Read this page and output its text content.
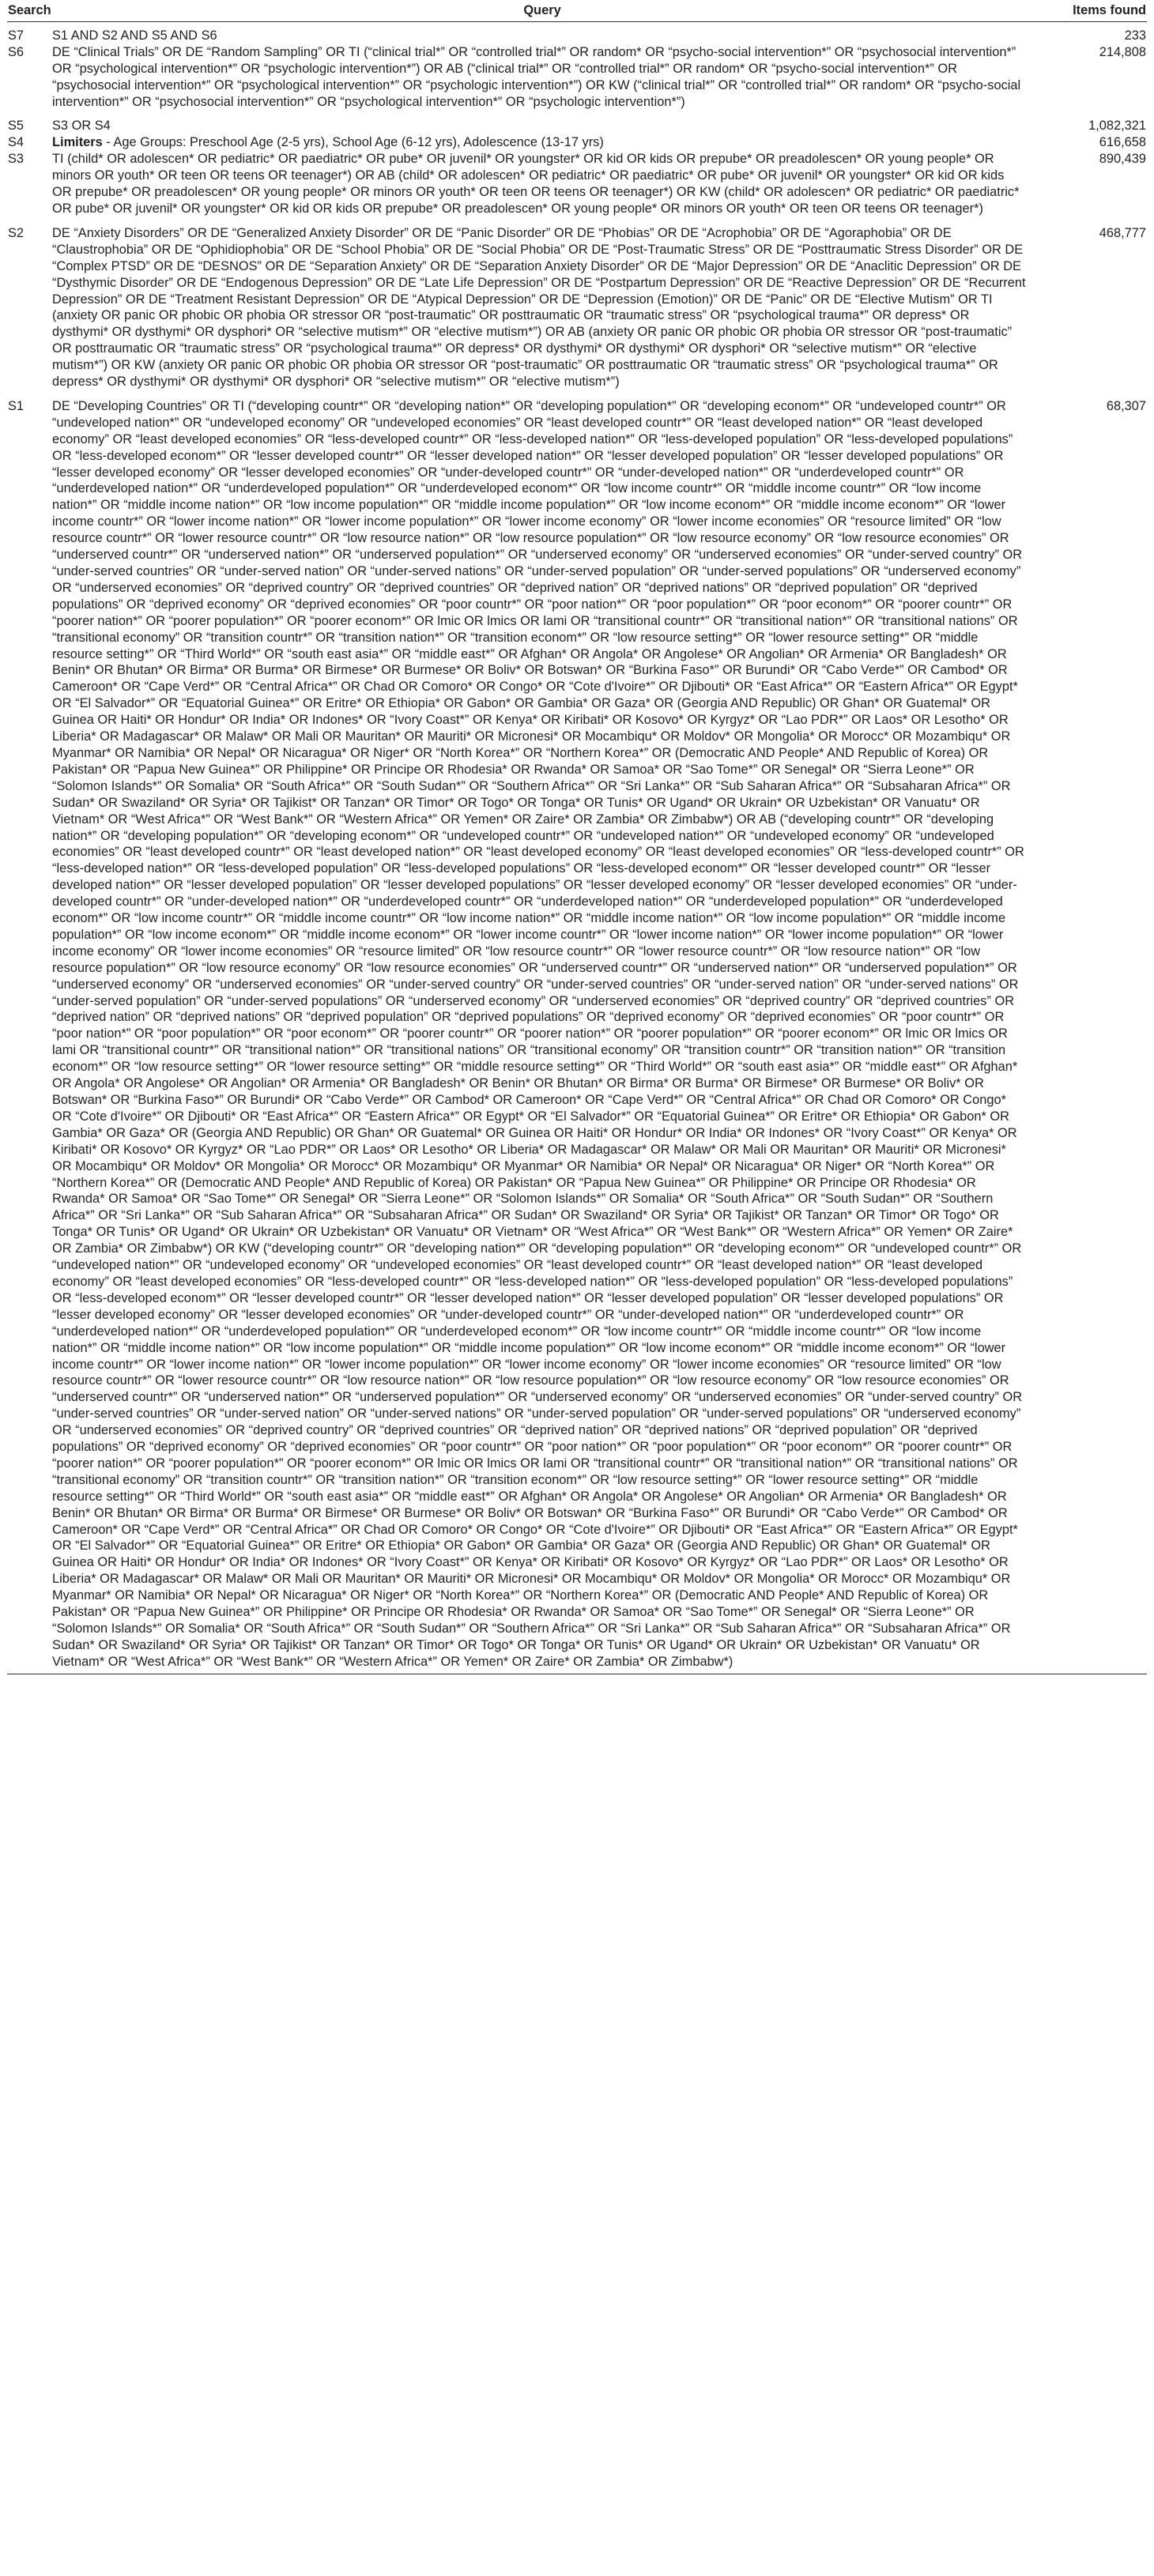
Search	Query	Items found
S7	S1 AND S2 AND S5 AND S6	233
S6	DE “Clinical Trials” OR DE “Random Sampling” OR TI (“clinical trial*” OR “controlled trial*” OR random* OR “psycho-social intervention*” OR “psychosocial intervention*” OR “psychological intervention*” OR “psychologic intervention*”) OR AB (“clinical trial*” OR “controlled trial*” OR random* OR “psycho-social intervention*” OR “psychosocial intervention*” OR “psychological intervention*” OR “psychologic intervention*”) OR KW (“clinical trial*” OR “controlled trial*” OR random* OR “psycho-social intervention*” OR “psychosocial intervention*” OR “psychological intervention*” OR “psychologic intervention*”)	214,808
S5	S3 OR S4	1,082,321
S4	Limiters - Age Groups: Preschool Age (2-5 yrs), School Age (6-12 yrs), Adolescence (13-17 yrs)	616,658
S3	TI (child* OR adolescen* OR pediatric* OR paediatric* OR pube* OR juvenil* OR youngster* OR kid OR kids OR prepube* OR preadolescen* OR young people* OR minors OR youth* OR teen OR teens OR teenager*) OR AB (child* OR adolescen* OR pediatric* OR paediatric* OR pube* OR juvenil* OR youngster* OR kid OR kids OR prepube* OR preadolescen* OR young people* OR minors OR youth* OR teen OR teens OR teenager*) OR KW (child* OR adolescen* OR pediatric* OR paediatric* OR pube* OR juvenil* OR youngster* OR kid OR kids OR prepube* OR preadolescen* OR young people* OR minors OR youth* OR teen OR teens OR teenager*)	890,439
S2	DE “Anxiety Disorders” OR DE “Generalized Anxiety Disorder” OR DE “Panic Disorder” OR DE “Phobias” OR DE “Acrophobia” OR DE “Agoraphobia” OR DE “Claustrophobia” OR DE “Ophidiophobia” OR DE “School Phobia” OR DE “Social Phobia” OR DE “Post-Traumatic Stress” OR DE “Posttraumatic Stress Disorder” OR DE “Complex PTSD” OR DE “DESNOS” OR DE “Separation Anxiety” OR DE “Separation Anxiety Disorder” OR DE “Major Depression” OR DE “Anaclitic Depression” OR DE “Dysthymic Disorder” OR DE “Endogenous Depression” OR DE “Late Life Depression” OR DE “Postpartum Depression” OR DE “Reactive Depression” OR DE “Recurrent Depression” OR DE “Treatment Resistant Depression” OR DE “Atypical Depression” OR DE “Depression (Emotion)” OR DE “Panic” OR DE “Elective Mutism” OR TI (anxiety OR panic OR phobic OR phobia OR stressor OR “post-traumatic” OR posttraumatic OR “traumatic stress” OR “psychological trauma*” OR depress* OR dysthymi* OR dysthymi* OR dysphori* OR “selective mutism*” OR “elective mutism*”) OR AB (anxiety OR panic OR phobic OR phobia OR stressor OR “post-traumatic” OR posttraumatic OR “traumatic stress” OR “psychological trauma*” OR depress* OR dysthymi* OR dysthymi* OR dysphori* OR “selective mutism*” OR “elective mutism*”) OR KW (anxiety OR panic OR phobic OR phobia OR stressor OR “post-traumatic” OR posttraumatic OR “traumatic stress” OR “psychological trauma*” OR depress* OR dysthymi* OR dysthymi* OR dysphori* OR “selective mutism*” OR “elective mutism*”)	468,777
S1	DE “Developing Countries” OR TI (“developing countr*” OR “developing nation*” OR “developing population*” OR “developing econom*” OR “undeveloped countr*” OR “undeveloped nation*” OR “undeveloped economy” OR “undeveloped economies” OR “least developed countr*” OR “least developed nation*” OR “least developed economy” OR “least developed economies” OR “less-developed countr*” OR “less-developed nation*” OR “less-developed population” OR “less-developed populations” OR “less-developed econom*” OR “lesser developed countr*” OR “lesser developed nation*” OR “lesser developed population” OR “lesser developed populations” OR “lesser developed economy” OR “lesser developed economies” OR “under-developed countr*” OR “under-developed nation*” OR “underdeveloped countr*” OR “underdeveloped nation*” OR “underdeveloped population*” OR “underdeveloped econom*” OR “low income countr*” OR “middle income countr*” OR “low income nation*” OR “middle income nation*” OR “low income population*” OR “middle income population*” OR “low income econom*” OR “middle income econom*” OR “lower income countr*” OR “lower income nation*” OR “lower income population*” OR “lower income economy” OR “lower income economies” OR “resource limited” OR “low resource countr*” OR “lower resource countr*” OR “low resource nation*” OR “low resource population*” OR “low resource economy” OR “low resource economies” OR “underserved countr*” OR “underserved nation*” OR “underserved population*” OR “underserved economy” OR “underserved economies” OR “under-served country” OR “under-served countries” OR “under-served nation” OR “under-served nations” OR “under-served population” OR “under-served populations” OR “underserved economy” OR “underserved economies” OR “deprived country” OR “deprived countries” OR “deprived nation” OR “deprived nations” OR “deprived population” OR “deprived populations” OR “deprived economy” OR “deprived economies” OR “poor countr*” OR “poor nation*” OR “poor population*” OR “poor econom*” OR “poorer countr*” OR “poorer nation*” OR “poorer population*” OR “poorer econom*” OR lmic OR lmics OR lami OR “transitional countr*” OR “transitional nation*” OR “transitional nations” OR “transitional economy” OR “transition countr*” OR “transition nation*” OR “transition econom*” OR “low resource setting*” OR “lower resource setting*” OR “middle resource setting*” OR “Third World*” OR “south east asia*” OR “middle east*” OR Afghan* OR Angola* OR Angolese* OR Angolian* OR Armenia* OR Bangladesh* OR Benin* OR Bhutan* OR Birma* OR Burma* OR Birmese* OR Burmese* OR Boliv* OR Botswan* OR “Burkina Faso*” OR Burundi* OR “Cabo Verde*” OR Cambod* OR Cameroon* OR “Cape Verd*” OR “Central Africa*” OR Chad OR Comoro* OR Congo* OR “Cote d'Ivoire*” OR Djibouti* OR “East Africa*” OR “Eastern Africa*” OR Egypt* OR “El Salvador*” OR “Equatorial Guinea*” OR Eritre* OR Ethiopia* OR Gabon* OR Gambia* OR Gaza* OR (Georgia AND Republic) OR Ghan* OR Guatemal* OR Guinea OR Haiti* OR Hondur* OR India* OR Indones* OR “Ivory Coast*” OR Kenya* OR Kiribati* OR Kosovo* OR Kyrgyz* OR “Lao PDR*” OR Laos* OR Lesotho* OR Liberia* OR Madagascar* OR Malaw* OR Mali OR Mauritan* OR Mauriti* OR Micronesi* OR Mocambiqu* OR Moldov* OR Mongolia* OR Morocc* OR Mozambiqu* OR Myanmar* OR Namibia* OR Nepal* OR Nicaragua* OR Niger* OR “North Korea*” OR “Northern Korea*” OR (Democratic AND People* AND Republic of Korea) OR Pakistan* OR “Papua New Guinea*” OR Philippine* OR Principe OR Rhodesia* OR Rwanda* OR Samoa* OR “Sao Tome*” OR Senegal* OR “Sierra Leone*” OR “Solomon Islands*” OR Somalia* OR “South Africa*” OR “South Sudan*” OR “Southern Africa*” OR “Sri Lanka*” OR “Sub Saharan Africa*” OR “Subsaharan Africa*” OR Sudan* OR Swaziland* OR Syria* OR Tajikist* OR Tanzan* OR Timor* OR Togo* OR Tonga* OR Tunis* OR Ugand* OR Ukrain* OR Uzbekistan* OR Vanuatu* OR Vietnam* OR “West Africa*” OR “West Bank*” OR “Western Africa*” OR Yemen* OR Zaire* OR Zambia* OR Zimbabw*) OR AB (“developing countr*” OR “developing nation*” OR “developing population*” OR “developing econom*” OR “undeveloped countr*” OR “undeveloped nation*” OR “undeveloped economy” OR “undeveloped economies” OR “least developed countr*” OR “least developed nation*” OR “least developed economy” OR “least developed economies” OR “less-developed countr*” OR “less-developed nation*” OR “less-developed population” OR “less-developed populations” OR “less-developed econom*” OR “lesser developed countr*” OR “lesser developed nation*” OR “lesser developed population” OR “lesser developed populations” OR “lesser developed economy” OR “lesser developed economies” OR “under-developed countr*” OR “under-developed nation*” OR “underdeveloped countr*” OR “underdeveloped nation*” OR “underdeveloped population*” OR “underdeveloped econom*” OR “low income countr*” OR “middle income countr*” OR “low income nation*” OR “middle income nation*” OR “low income population*” OR “middle income population*” OR “low income econom*” OR “middle income econom*” OR “lower income countr*” OR “lower income nation*” OR “lower income population*” OR “lower income economy” OR “lower income economies” OR “resource limited” OR “low resource countr*” OR “lower resource countr*” OR “low resource nation*” OR “low resource population*” OR “low resource economy” OR “low resource economies” OR “underserved countr*” OR “underserved nation*” OR “underserved population*” OR “underserved economy” OR “underserved economies” OR “under-served country” OR “under-served countries” OR “under-served nation” OR “under-served nations” OR “under-served population” OR “under-served populations” OR “underserved economy” OR “underserved economies” OR “deprived country” OR “deprived countries” OR “deprived nation” OR “deprived nations” OR “deprived population” OR “deprived populations” OR “deprived economy” OR “deprived economies” OR “poor countr*” OR “poor nation*” OR “poor population*” OR “poor econom*” OR “poorer countr*” OR “poorer nation*” OR “poorer population*” OR “poorer econom*” OR lmic OR lmics OR lami OR “transitional countr*” OR “transitional nation*” OR “transitional nations” OR “transitional economy” OR “transition countr*” OR “transition nation*” OR “transition econom*” OR “low resource setting*” OR “lower resource setting*” OR “middle resource setting*” OR “Third World*” OR “south east asia*” OR “middle east*” OR Afghan* OR Angola* OR Angolese* OR Angolian* OR Armenia* OR Bangladesh* OR Benin* OR Bhutan* OR Birma* OR Burma* OR Birmese* OR Burmese* OR Boliv* OR Botswan* OR “Burkina Faso*” OR Burundi* OR “Cabo Verde*” OR Cambod* OR Cameroon* OR “Cape Verd*” OR “Central Africa*” OR Chad OR Comoro* OR Congo* OR “Cote d'Ivoire*” OR Djibouti* OR “East Africa*” OR “Eastern Africa*” OR Egypt* OR “El Salvador*” OR “Equatorial Guinea*” OR Eritre* OR Ethiopia* OR Gabon* OR Gambia* OR Gaza* OR (Georgia AND Republic) OR Ghan* OR Guatemal* OR Guinea OR Haiti* OR Hondur* OR India* OR Indones* OR “Ivory Coast*” OR Kenya* OR Kiribati* OR Kosovo* OR Kyrgyz* OR “Lao PDR*” OR Laos* OR Lesotho* OR Liberia* OR Madagascar* OR Malaw* OR Mali OR Mauritan* OR Mauriti* OR Micronesi* OR Mocambiqu* OR Moldov* OR Mongolia* OR Morocc* OR Mozambiqu* OR Myanmar* OR Namibia* OR Nepal* OR Nicaragua* OR Niger* OR “North Korea*” OR “Northern Korea*” OR (Democratic AND People* AND Republic of Korea) OR Pakistan* OR “Papua New Guinea*” OR Philippine* OR Principe OR Rhodesia* OR Rwanda* OR Samoa* OR “Sao Tome*” OR Senegal* OR “Sierra Leone*” OR “Solomon Islands*” OR Somalia* OR “South Africa*” OR “South Sudan*” OR “Southern Africa*” OR “Sri Lanka*” OR “Sub Saharan Africa*” OR “Subsaharan Africa*” OR Sudan* OR Swaziland* OR Syria* OR Tajikist* OR Tanzan* OR Timor* OR Togo* OR Tonga* OR Tunis* OR Ugand* OR Ukrain* OR Uzbekistan* OR Vanuatu* OR Vietnam* OR “West Africa*” OR “West Bank*” OR “Western Africa*” OR Yemen* OR Zaire* OR Zambia* OR Zimbabw*) OR KW (“developing countr*” OR “developing nation*” OR “developing population*” OR “developing econom*” OR “undeveloped countr*” OR “undeveloped nation*” OR “undeveloped economy” OR “undeveloped economies” OR “least developed countr*” OR “least developed nation*” OR “least developed economy” OR “least developed economies” OR “less-developed countr*” OR “less-developed nation*” OR “less-developed population” OR “less-developed populations” OR “less-developed econom*” OR “lesser developed countr*” OR “lesser developed nation*” OR “lesser developed population” OR “lesser developed populations” OR “lesser developed economy” OR “lesser developed economies” OR “under-developed countr*” OR “under-developed nation*” OR “underdeveloped countr*” OR “underdeveloped nation*” OR “underdeveloped population*” OR “underdeveloped econom*” OR “low income countr*” OR “middle income countr*” OR “low income nation*” OR “middle income nation*” OR “low income population*” OR “middle income population*” OR “low income econom*” OR “middle income econom*” OR “lower income countr*” OR “lower income nation*” OR “lower income population*” OR “lower income economy” OR “lower income economies” OR “resource limited” OR “low resource countr*” OR “lower resource countr*” OR “low resource nation*” OR “low resource population*” OR “low resource economy” OR “low resource economies” OR “underserved countr*” OR “underserved nation*” OR “underserved population*” OR “underserved economy” OR “underserved economies” OR “under-served country” OR “under-served countries” OR “under-served nation” OR “under-served nations” OR “under-served population” OR “under-served populations” OR “underserved economy” OR “underserved economies” OR “deprived country” OR “deprived countries” OR “deprived nation” OR “deprived nations” OR “deprived population” OR “deprived populations” OR “deprived economy” OR “deprived economies” OR “poor countr*” OR “poor nation*” OR “poor population*” OR “poor econom*” OR “poorer countr*” OR “poorer nation*” OR “poorer population*” OR “poorer econom*” OR lmic OR lmics OR lami OR “transitional countr*” OR “transitional nation*” OR “transitional nations” OR “transitional economy” OR “transition countr*” OR “transition nation*” OR “transition econom*” OR “low resource setting*” OR “lower resource setting*” OR “middle resource setting*” OR “Third World*” OR “south east asia*” OR “middle east*” OR Afghan* OR Angola* OR Angolese* OR Angolian* OR Armenia* OR Bangladesh* OR Benin* OR Bhutan* OR Birma* OR Burma* OR Birmese* OR Burmese* OR Boliv* OR Botswan* OR “Burkina Faso*” OR Burundi* OR “Cabo Verde*” OR Cambod* OR Cameroon* OR “Cape Verd*” OR “Central Africa*” OR Chad OR Comoro* OR Congo* OR “Cote d'Ivoire*” OR Djibouti* OR “East Africa*” OR “Eastern Africa*” OR Egypt* OR “El Salvador*” OR “Equatorial Guinea*” OR Eritre* OR Ethiopia* OR Gabon* OR Gambia* OR Gaza* OR (Georgia AND Republic) OR Ghan* OR Guatemal* OR Guinea OR Haiti* OR Hondur* OR India* OR Indones* OR “Ivory Coast*” OR Kenya* OR Kiribati* OR Kosovo* OR Kyrgyz* OR “Lao PDR*” OR Laos* OR Lesotho* OR Liberia* OR Madagascar* OR Malaw* OR Mali OR Mauritan* OR Mauriti* OR Micronesi* OR Mocambiqu* OR Moldov* OR Mongolia* OR Morocc* OR Mozambiqu* OR Myanmar* OR Namibia* OR Nepal* OR Nicaragua* OR Niger* OR “North Korea*” OR “Northern Korea*” OR (Democratic AND People* AND Republic of Korea) OR Pakistan* OR “Papua New Guinea*” OR Philippine* OR Principe OR Rhodesia* OR Rwanda* OR Samoa* OR “Sao Tome*” OR Senegal* OR “Sierra Leone*” OR “Solomon Islands*” OR Somalia* OR “South Africa*” OR “South Sudan*” OR “Southern Africa*” OR “Sri Lanka*” OR “Sub Saharan Africa*” OR “Subsaharan Africa*” OR Sudan* OR Swaziland* OR Syria* OR Tajikist* OR Tanzan* OR Timor* OR Togo* OR Tonga* OR Tunis* OR Ugand* OR Ukrain* OR Uzbekistan* OR Vanuatu* OR Vietnam* OR “West Africa*” OR “West Bank*” OR “Western Africa*” OR Yemen* OR Zaire* OR Zambia* OR Zimbabw*)	68,307
